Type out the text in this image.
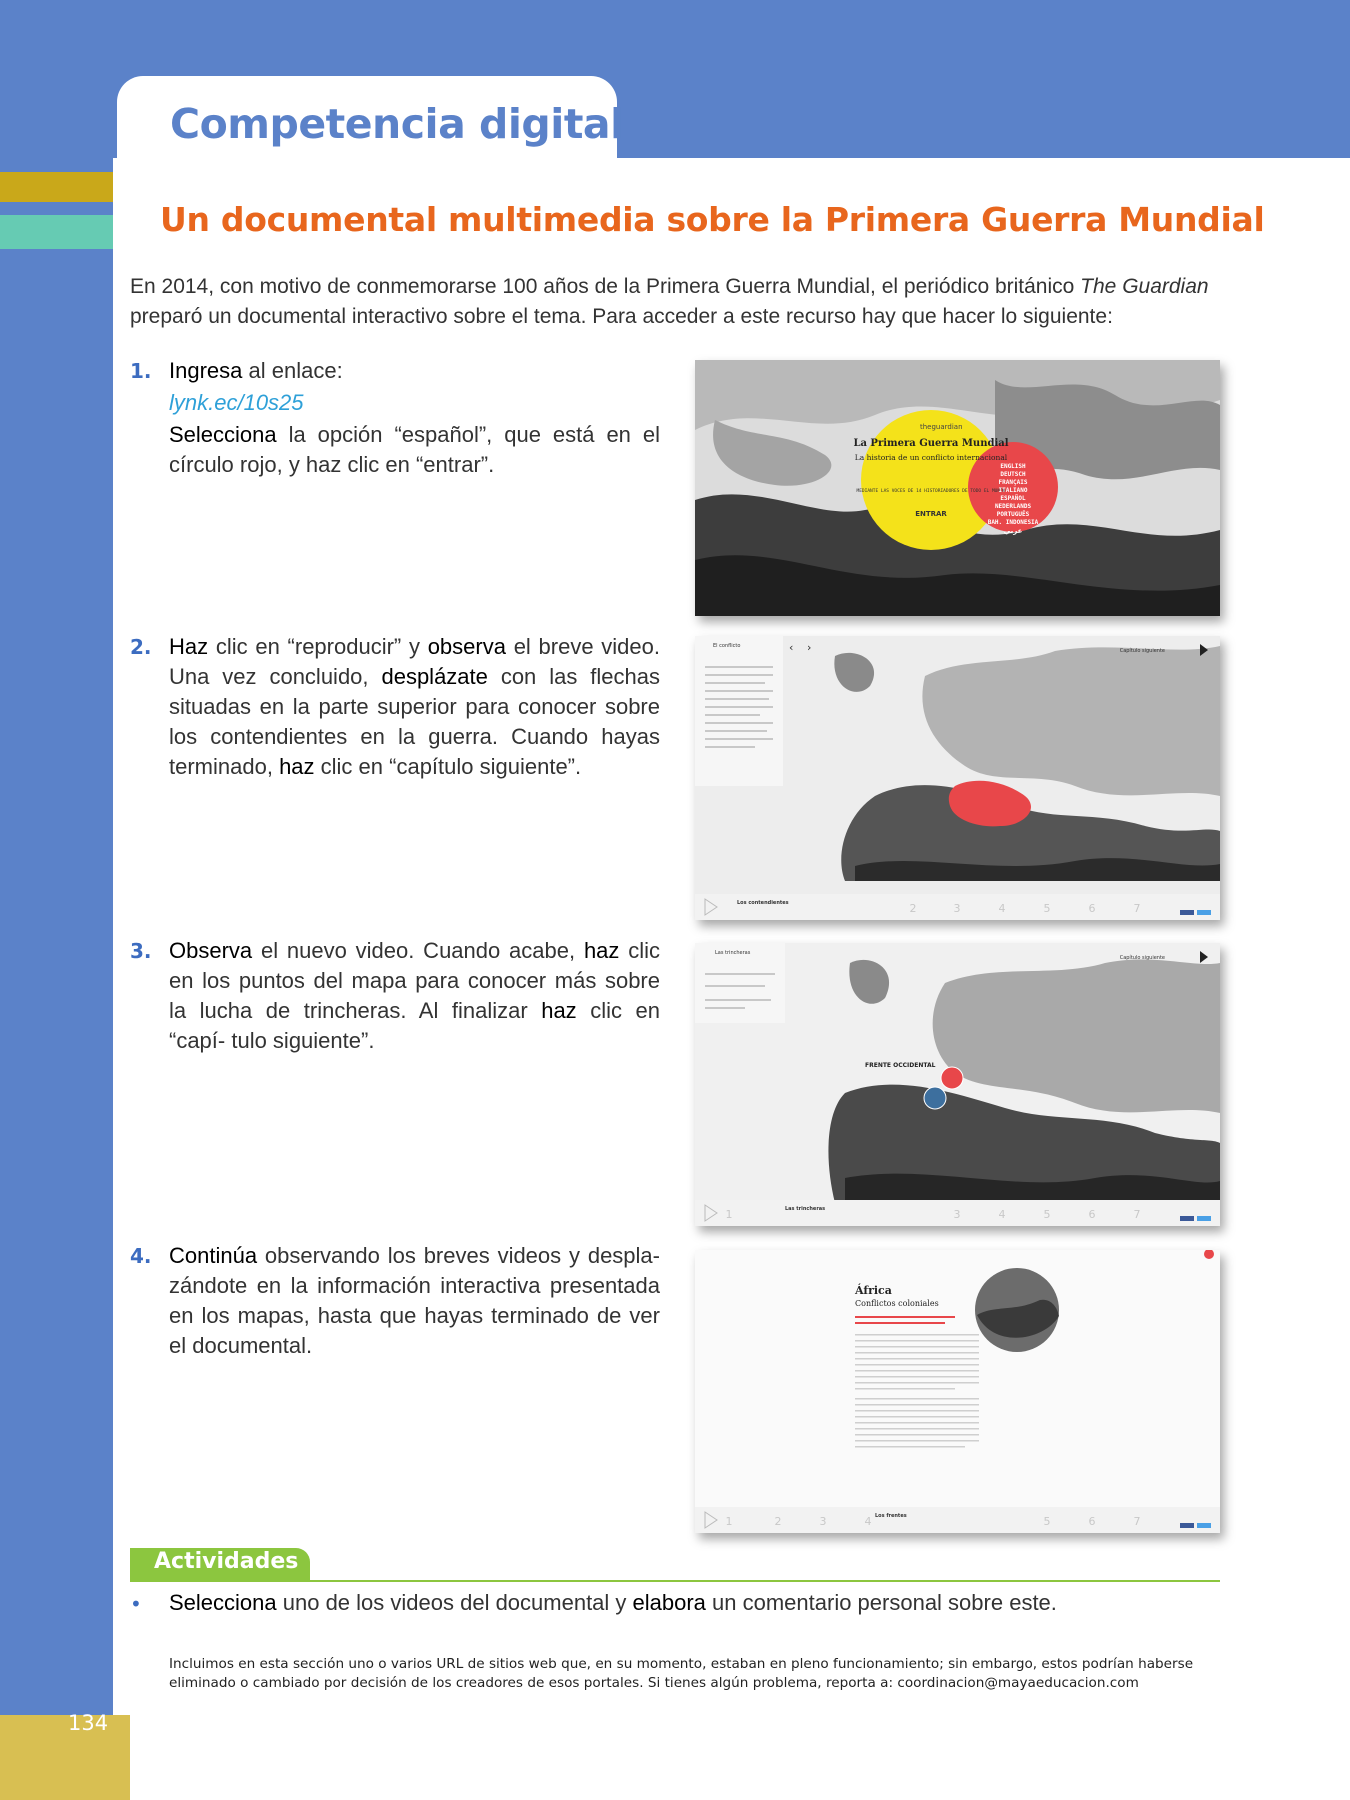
134
Competencia digital
Un documental multimedia sobre la Primera Guerra Mundial

En 2014, con motivo de conmemorarse 100 años de la Primera Guerra Mundial, el periódico británico The Guardian preparó un documental interactivo sobre el tema. Para acceder a este recurso hay que hacer lo siguiente:

1. Ingresa al enlace:

lynk.ec/10s25

Selecciona la opción “español”, que está en el círculo rojo, y haz clic en “entrar”.

2. Haz clic en “reproducir” y observa el breve video. Una vez concluido, desplázate con las flechas situadas en la parte superior para conocer sobre los contendientes en la guerra. Cuando hayas terminado, haz clic en “capítulo siguiente”.
3. Observa el nuevo video. Cuando acabe, haz clic en los puntos del mapa para conocer más sobre la lucha de trincheras. Al finalizar haz clic en “capí- tulo siguiente”.
4. Continúa observando los breves videos y despla- zándote en la información interactiva presentada en los mapas, hasta que hayas terminado de ver el documental.
theguardian
La Primera Guerra Mundial
La historia de un conflicto internacional
MEDIANTE LAS VOCES DE 14 HISTORIADORES DE TODO EL MUNDO
ENTRAR
ENGLISH
DEUTSCH
FRANÇAIS
ITALIANO
ESPAÑOL
NEDERLANDS
PORTUGUÊS
BAH. INDONESIA
عربي
El conflicto	‹ ›	Capítulo siguiente
Los contendientes	2	3	4	5	6	7
FRENTE OCCIDENTAL
Las trincheras
Capítulo siguiente
1	Las trincheras	3	4	5	6	7
África
Conflictos coloniales
1	2	3	4 Los frentes	5	6	7
Actividades
• Selecciona uno de los videos del documental y elabora un comentario personal sobre este.

Incluimos en esta sección uno o varios URL de sitios web que, en su momento, estaban en pleno funcionamiento; sin embargo, estos podrían haberse eliminado o cambiado por decisión de los creadores de esos portales. Si tienes algún problema, reporta a: coordinacion@mayaeducacion.com
